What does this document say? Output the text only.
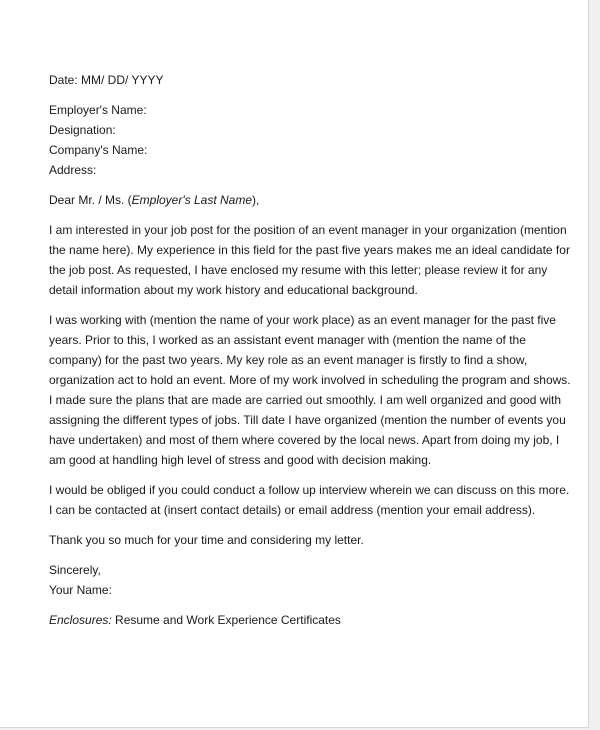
Date: MM/ DD/ YYYY
Employer's Name:
Designation:
Company's Name:
Address:
Dear Mr. / Ms. (Employer's Last Name),
I am interested in your job post for the position of an event manager in your organization (mention
the name here). My experience in this field for the past five years makes me an ideal candidate for
the job post. As requested, I have enclosed my resume with this letter; please review it for any
detail information about my work history and educational background.
I was working with (mention the name of your work place) as an event manager for the past five
years. Prior to this, I worked as an assistant event manager with (mention the name of the
company) for the past two years. My key role as an event manager is firstly to find a show,
organization act to hold an event. More of my work involved in scheduling the program and shows.
I made sure the plans that are made are carried out smoothly. I am well organized and good with
assigning the different types of jobs. Till date I have organized (mention the number of events you
have undertaken) and most of them where covered by the local news. Apart from doing my job, I
am good at handling high level of stress and good with decision making.
I would be obliged if you could conduct a follow up interview wherein we can discuss on this more.
I can be contacted at (insert contact details) or email address (mention your email address).
Thank you so much for your time and considering my letter.
Sincerely,
Your Name:
Enclosures: Resume and Work Experience Certificates
